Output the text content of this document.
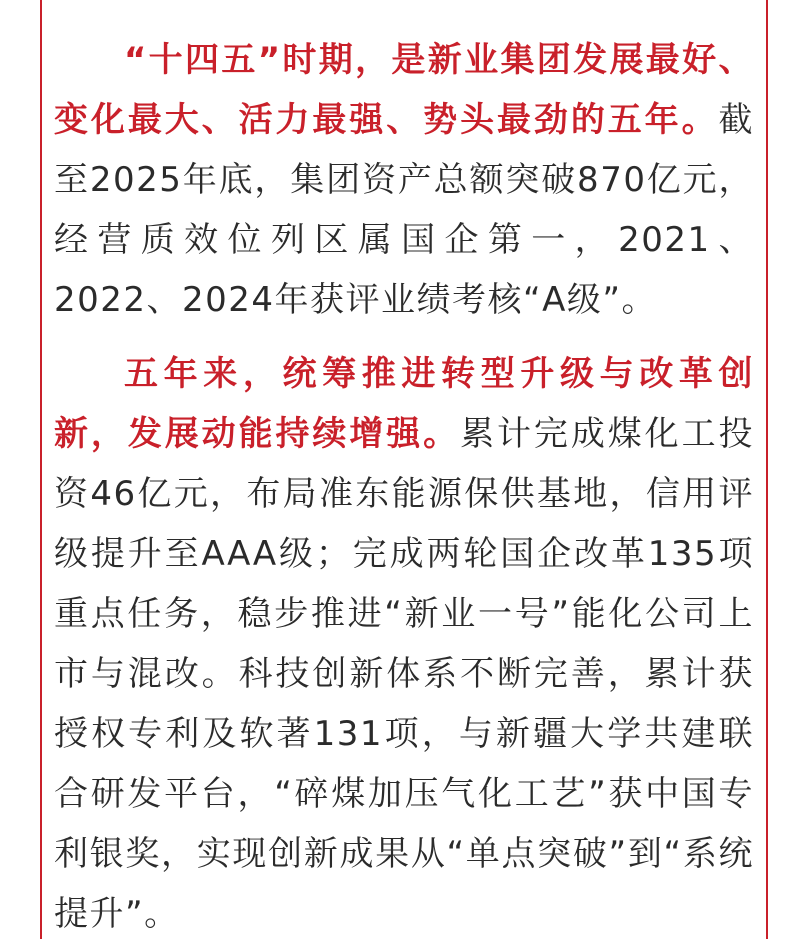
“十四五”时期，是新业集团发展最好、变化最大、活力最强、势头最劲的五年。截至2025年底，集团资产总额突破870亿元，经营质效位列区属国企第一，2021、2022、2024年获评业绩考核“A级”。

五年来，统筹推进转型升级与改革创新，发展动能持续增强。累计完成煤化工投资46亿元，布局准东能源保供基地，信用评级提升至AAA级；完成两轮国企改革135项重点任务，稳步推进“新业一号”能化公司上市与混改。科技创新体系不断完善，累计获授权专利及软著131项，与新疆大学共建联合研发平台，“碎煤加压气化工艺”获中国专利银奖，实现创新成果从“单点突破”到“系统提升”。
